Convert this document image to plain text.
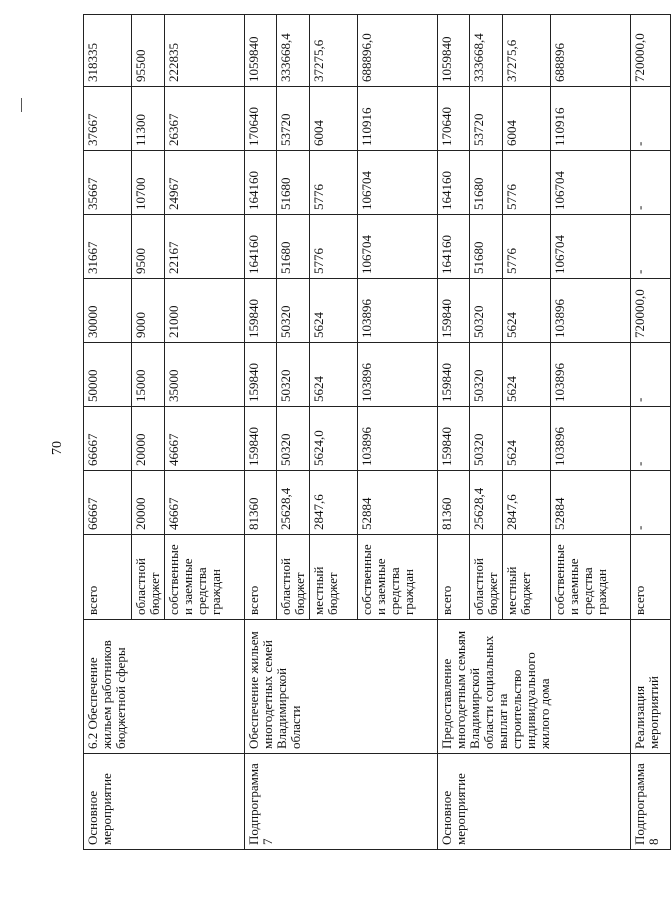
70
Основное мероприятие	6.2 Обеспечение жильем работников бюджетной сферы	всего	66667	66667	50000	30000	31667	35667	37667	318335
		областной бюджет	20000	20000	15000	9000	9500	10700	11300	95500
		собственные и заемные средства граждан	46667	46667	35000	21000	22167	24967	26367	222835
Подпрограмма 7	Обеспечение жильем многодетных семей Владимирской области	всего	81360	159840	159840	159840	164160	164160	170640	1059840
		областной бюджет	25628,4	50320	50320	50320	51680	51680	53720	333668,4
		местный бюджет	2847,6	5624,0	5624	5624	5776	5776	6004	37275,6
		собственные и заемные средства граждан	52884	103896	103896	103896	106704	106704	110916	688896,0
Основное мероприятие	Предоставление многодетным семьям Владимирской области социальных выплат на строительство индивидуального жилого дома	всего	81360	159840	159840	159840	164160	164160	170640	1059840
		областной бюджет	25628,4	50320	50320	50320	51680	51680	53720	333668,4
		местный бюджет	2847,6	5624	5624	5624	5776	5776	6004	37275,6
		собственные и заемные средства граждан	52884	103896	103896	103896	106704	106704	110916	688896
Подпрограмма 8	Реализация мероприятий	всего	-	-	-	720000,0	-	-	-	720000,0
